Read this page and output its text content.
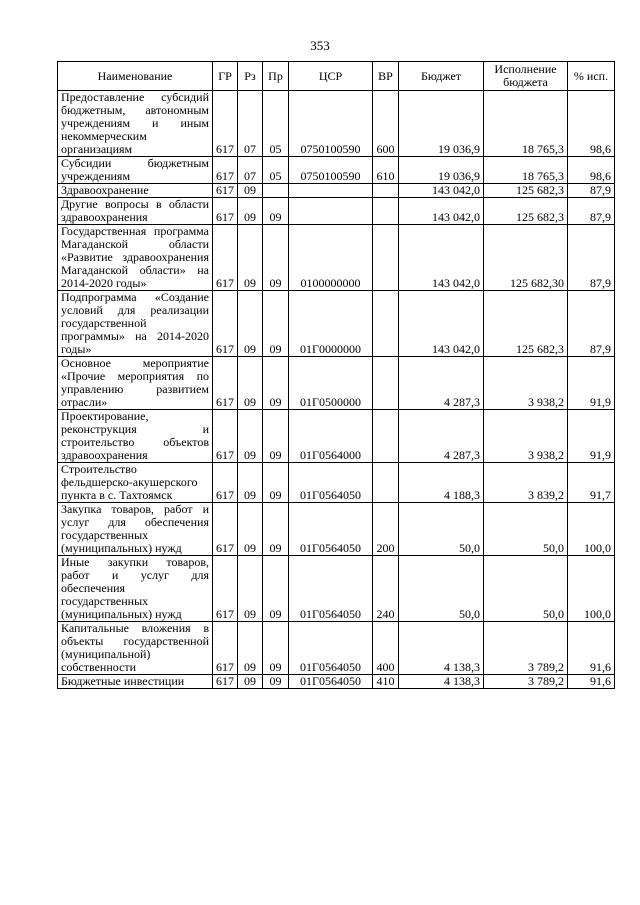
353
Наименование	ГР	Рз	Пр	ЦСР	ВР	Бюджет	Исполнение бюджета	% исп.
Предоставление субсидий бюджетным, автономным учреждениям и иным некоммерческим организациям	617	07	05	0750100590	600	19 036,9	18 765,3	98,6
Субсидии бюджетным учреждениям	617	07	05	0750100590	610	19 036,9	18 765,3	98,6
Здравоохранение	617	09				143 042,0	125 682,3	87,9
Другие вопросы в области здравоохранения	617	09	09			143 042,0	125 682,3	87,9
Государственная программа Магаданской области «Развитие здравоохранения Магаданской области» на 2014-2020 годы»	617	09	09	0100000000		143 042,0	125 682,30	87,9
Подпрограмма «Создание условий для реализации государственной программы» на 2014-2020 годы»	617	09	09	01Г0000000		143 042,0	125 682,3	87,9
Основное мероприятие «Прочие мероприятия по управлению развитием отрасли»	617	09	09	01Г0500000		4 287,3	3 938,2	91,9
Проектирование, реконструкция и строительство объектов здравоохранения	617	09	09	01Г0564000		4 287,3	3 938,2	91,9
Строительство фельдшерско-акушерского пункта в с. Тахтоямск	617	09	09	01Г0564050		4 188,3	3 839,2	91,7
Закупка товаров, работ и услуг для обеспечения государственных (муниципальных) нужд	617	09	09	01Г0564050	200	50,0	50,0	100,0
Иные закупки товаров, работ и услуг для обеспечения государственных (муниципальных) нужд	617	09	09	01Г0564050	240	50,0	50,0	100,0
Капитальные вложения в объекты государственной (муниципальной) собственности	617	09	09	01Г0564050	400	4 138,3	3 789,2	91,6
Бюджетные инвестиции	617	09	09	01Г0564050	410	4 138,3	3 789,2	91,6
